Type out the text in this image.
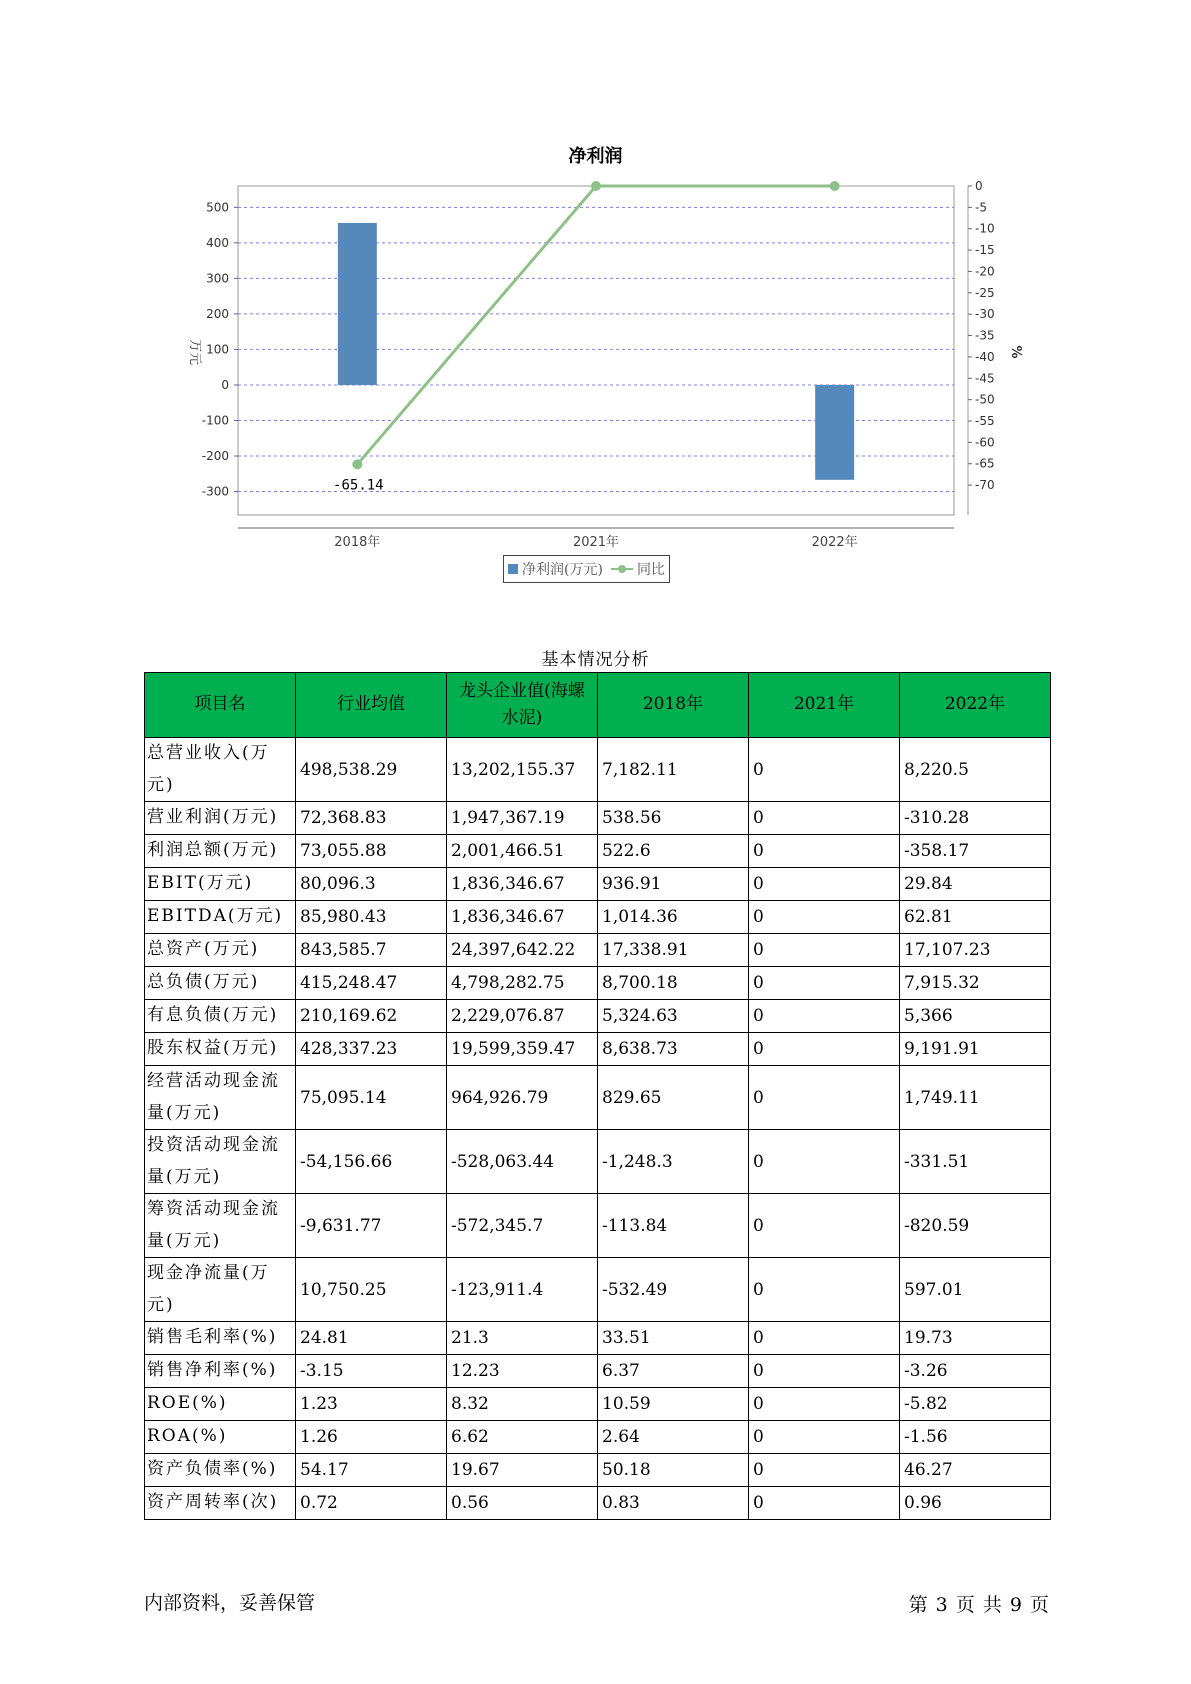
净利润
500
400
300
200
100
0
-100
-200
-300
0
-5
-10
-15
-20
-25
-30
-35
-40
-45
-50
-55
-60
-65
-70
万元	%
-65.14
2018年	2021年	2022年
净利润(万元) 同比
基本情况分析
项目名	行业均值	龙头企业值(海螺水泥)	2018年	2021年	2022年
总营业收入(万元)	498,538.29	13,202,155.37	7,182.11	0	8,220.5
营业利润(万元)	72,368.83	1,947,367.19	538.56	0	-310.28
利润总额(万元)	73,055.88	2,001,466.51	522.6	0	-358.17
EBIT(万元)	80,096.3	1,836,346.67	936.91	0	29.84
EBITDA(万元)	85,980.43	1,836,346.67	1,014.36	0	62.81
总资产(万元)	843,585.7	24,397,642.22	17,338.91	0	17,107.23
总负债(万元)	415,248.47	4,798,282.75	8,700.18	0	7,915.32
有息负债(万元)	210,169.62	2,229,076.87	5,324.63	0	5,366
股东权益(万元)	428,337.23	19,599,359.47	8,638.73	0	9,191.91
经营活动现金流量(万元)	75,095.14	964,926.79	829.65	0	1,749.11
投资活动现金流量(万元)	-54,156.66	-528,063.44	-1,248.3	0	-331.51
筹资活动现金流量(万元)	-9,631.77	-572,345.7	-113.84	0	-820.59
现金净流量(万元)	10,750.25	-123,911.4	-532.49	0	597.01
销售毛利率(%)	24.81	21.3	33.51	0	19.73
销售净利率(%)	-3.15	12.23	6.37	0	-3.26
ROE(%)	1.23	8.32	10.59	0	-5.82
ROA(%)	1.26	6.62	2.64	0	-1.56
资产负债率(%)	54.17	19.67	50.18	0	46.27
资产周转率(次)	0.72	0.56	0.83	0	0.96
内部资料，妥善保管	第 3 页 共 9 页
